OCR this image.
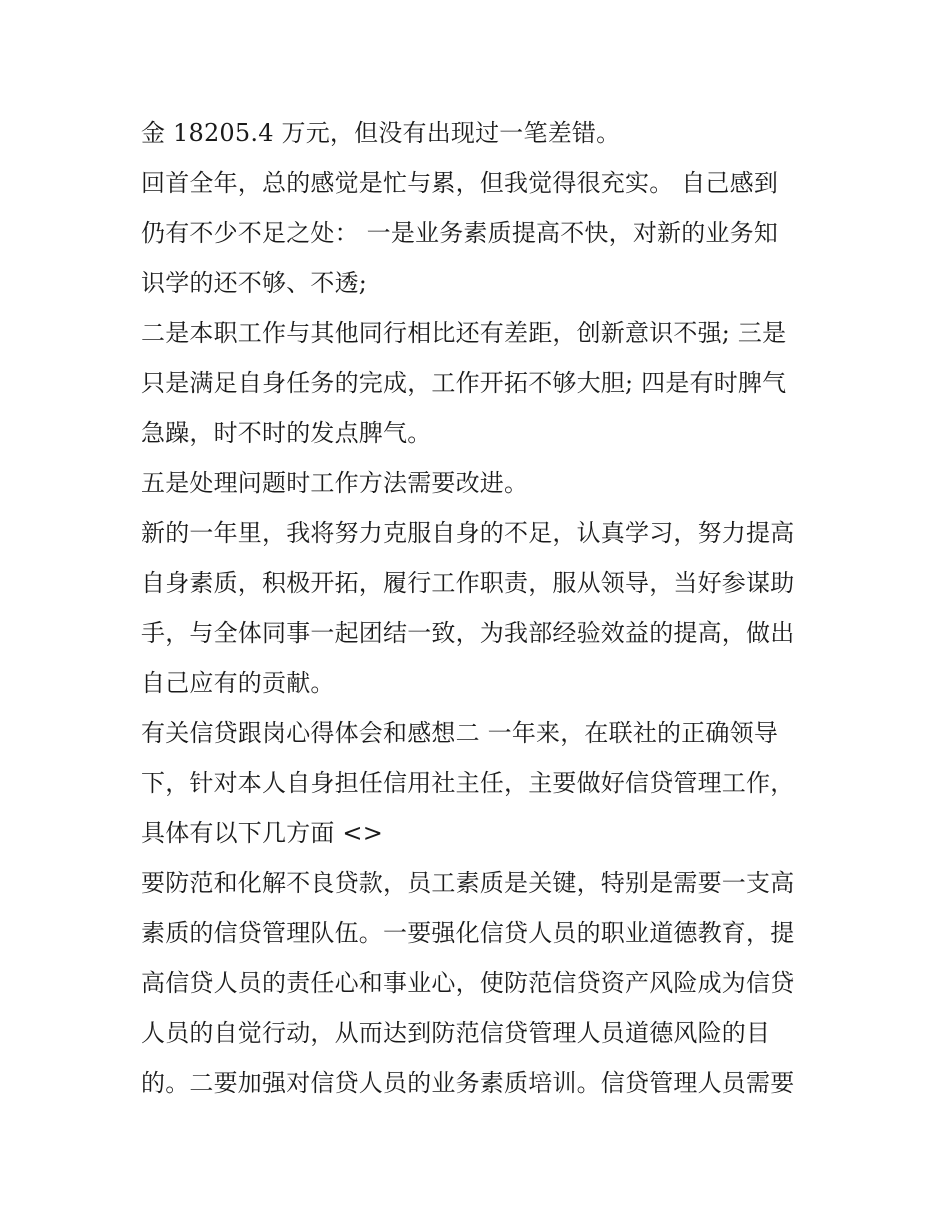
金 18205.4 万元，但没有出现过一笔差错。
回首全年，总的感觉是忙与累，但我觉得很充实。 自己感到
仍有不少不足之处： 一是业务素质提高不快，对新的业务知
识学的还不够、不透;
二是本职工作与其他同行相比还有差距，创新意识不强; 三是
只是满足自身任务的完成，工作开拓不够大胆; 四是有时脾气
急躁，时不时的发点脾气。
五是处理问题时工作方法需要改进。
新的一年里，我将努力克服自身的不足，认真学习，努力提高
自身素质，积极开拓，履行工作职责，服从领导，当好参谋助
手，与全体同事一起团结一致，为我部经验效益的提高，做出
自己应有的贡献。
有关信贷跟岗心得体会和感想二 一年来，在联社的正确领导
下，针对本人自身担任信用社主任，主要做好信贷管理工作，
具体有以下几方面 <>
要防范和化解不良贷款，员工素质是关键，特别是需要一支高
素质的信贷管理队伍。一要强化信贷人员的职业道德教育，提
高信贷人员的责任心和事业心，使防范信贷资产风险成为信贷
人员的自觉行动，从而达到防范信贷管理人员道德风险的目
的。二要加强对信贷人员的业务素质培训。信贷管理人员需要
